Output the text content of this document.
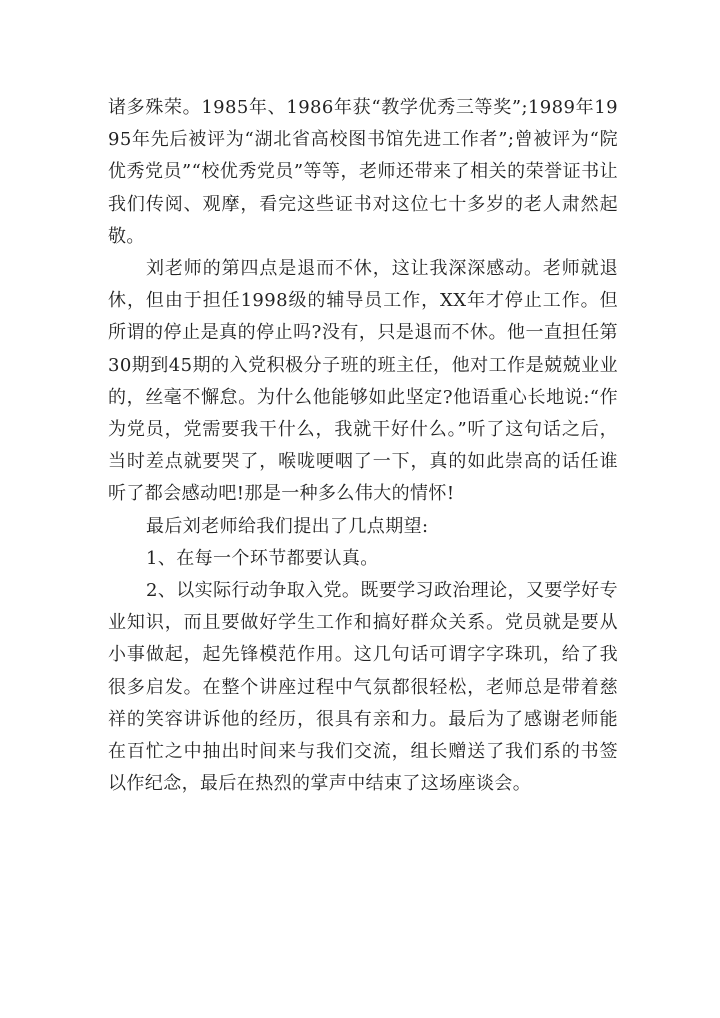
诸多殊荣。1985年、1986年获“教学优秀三等奖”;1989年1995年先后被评为“湖北省高校图书馆先进工作者”;曾被评为“院优秀党员”“校优秀党员”等等，老师还带来了相关的荣誉证书让我们传阅、观摩，看完这些证书对这位七十多岁的老人肃然起敬。

刘老师的第四点是退而不休，这让我深深感动。老师就退休，但由于担任1998级的辅导员工作，XX年才停止工作。但所谓的停止是真的停止吗?没有，只是退而不休。他一直担任第30期到45期的入党积极分子班的班主任，他对工作是兢兢业业的，丝毫不懈怠。为什么他能够如此坚定?他语重心长地说:“作为党员，党需要我干什么，我就干好什么。”听了这句话之后，当时差点就要哭了，喉咙哽咽了一下，真的如此崇高的话任谁听了都会感动吧!那是一种多么伟大的情怀!

最后刘老师给我们提出了几点期望:

1、在每一个环节都要认真。

2、以实际行动争取入党。既要学习政治理论，又要学好专业知识，而且要做好学生工作和搞好群众关系。党员就是要从小事做起，起先锋模范作用。这几句话可谓字字珠玑，给了我很多启发。在整个讲座过程中气氛都很轻松，老师总是带着慈祥的笑容讲诉他的经历，很具有亲和力。最后为了感谢老师能在百忙之中抽出时间来与我们交流，组长赠送了我们系的书签以作纪念，最后在热烈的掌声中结束了这场座谈会。
